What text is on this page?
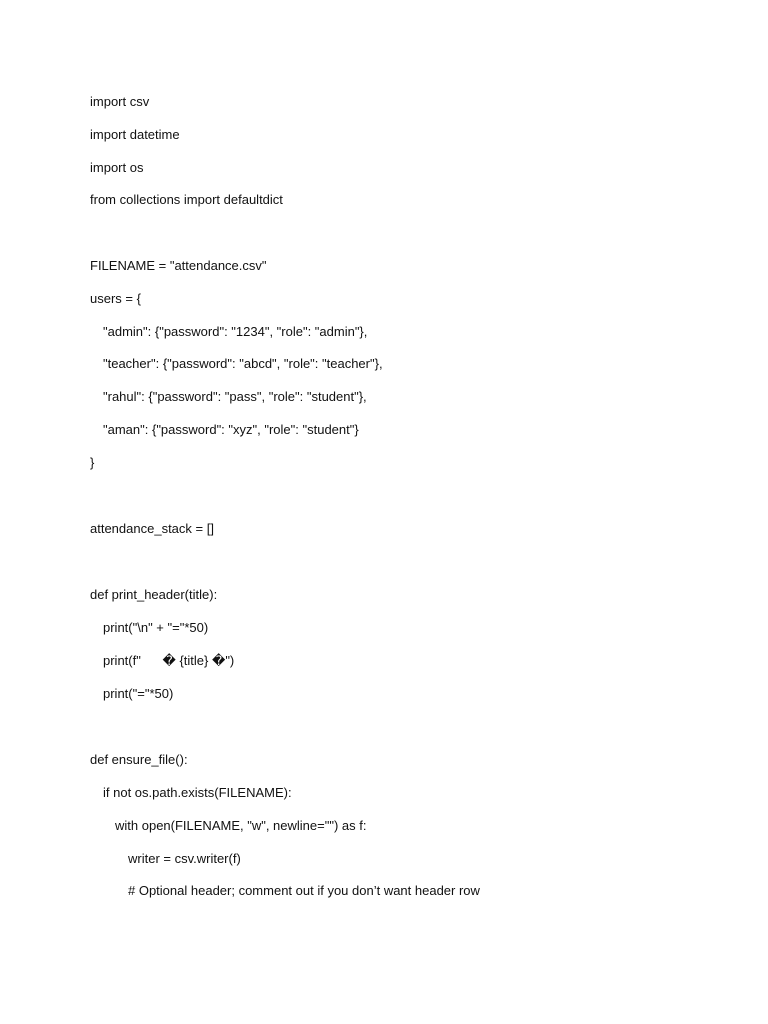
import csv
import datetime
import os
from collections import defaultdict
FILENAME = "attendance.csv"
users = {
"admin": {"password": "1234", "role": "admin"},
"teacher": {"password": "abcd", "role": "teacher"},
"rahul": {"password": "pass", "role": "student"},
"aman": {"password": "xyz", "role": "student"}
}
attendance_stack = []
def print_header(title):
print("\n" + "="*50)
print(f"      � {title} �")
print("="*50)
def ensure_file():
if not os.path.exists(FILENAME):
with open(FILENAME, "w", newline="") as f:
writer = csv.writer(f)
# Optional header; comment out if you don’t want header row
